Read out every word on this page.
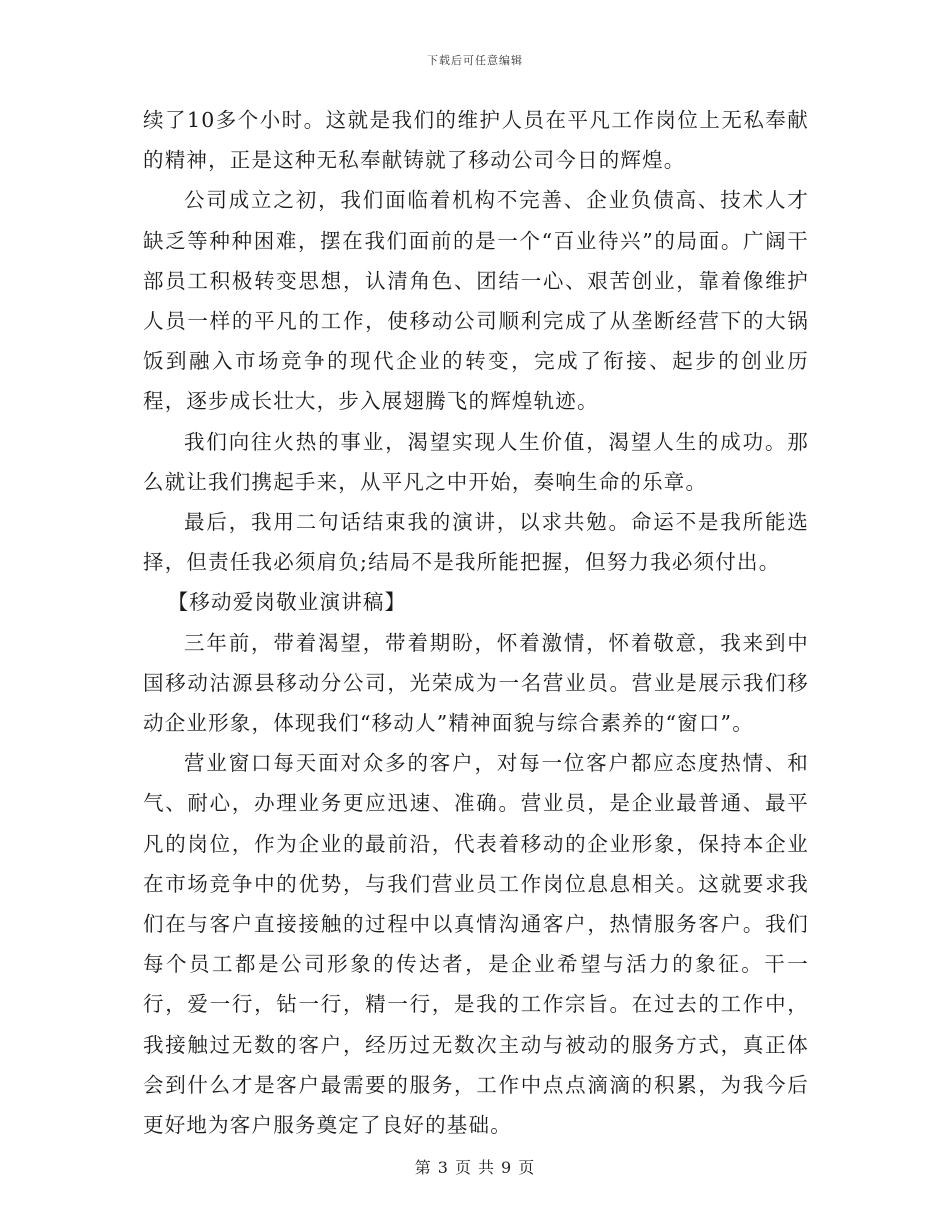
下载后可任意编辑

续了10多个小时。这就是我们的维护人员在平凡工作岗位上无私奉献的精神，正是这种无私奉献铸就了移动公司今日的辉煌。

公司成立之初，我们面临着机构不完善、企业负债高、技术人才缺乏等种种困难，摆在我们面前的是一个“百业待兴”的局面。广阔干部员工积极转变思想，认清角色、团结一心、艰苦创业，靠着像维护人员一样的平凡的工作，使移动公司顺利完成了从垄断经营下的大锅饭到融入市场竞争的现代企业的转变，完成了衔接、起步的创业历程，逐步成长壮大，步入展翅腾飞的辉煌轨迹。

我们向往火热的事业，渴望实现人生价值，渴望人生的成功。那么就让我们携起手来，从平凡之中开始，奏响生命的乐章。

最后，我用二句话结束我的演讲，以求共勉。命运不是我所能选择，但责任我必须肩负;结局不是我所能把握，但努力我必须付出。

【移动爱岗敬业演讲稿】

三年前，带着渴望，带着期盼，怀着激情，怀着敬意，我来到中国移动沽源县移动分公司，光荣成为一名营业员。营业是展示我们移动企业形象，体现我们“移动人”精神面貌与综合素养的“窗口”。

营业窗口每天面对众多的客户，对每一位客户都应态度热情、和气、耐心，办理业务更应迅速、准确。营业员，是企业最普通、最平凡的岗位，作为企业的最前沿，代表着移动的企业形象，保持本企业在市场竞争中的优势，与我们营业员工作岗位息息相关。这就要求我们在与客户直接接触的过程中以真情沟通客户，热情服务客户。我们每个员工都是公司形象的传达者，是企业希望与活力的象征。干一行，爱一行，钻一行，精一行，是我的工作宗旨。在过去的工作中，我接触过无数的客户，经历过无数次主动与被动的服务方式，真正体会到什么才是客户最需要的服务，工作中点点滴滴的积累，为我今后更好地为客户服务奠定了良好的基础。

第 3 页 共 9 页
